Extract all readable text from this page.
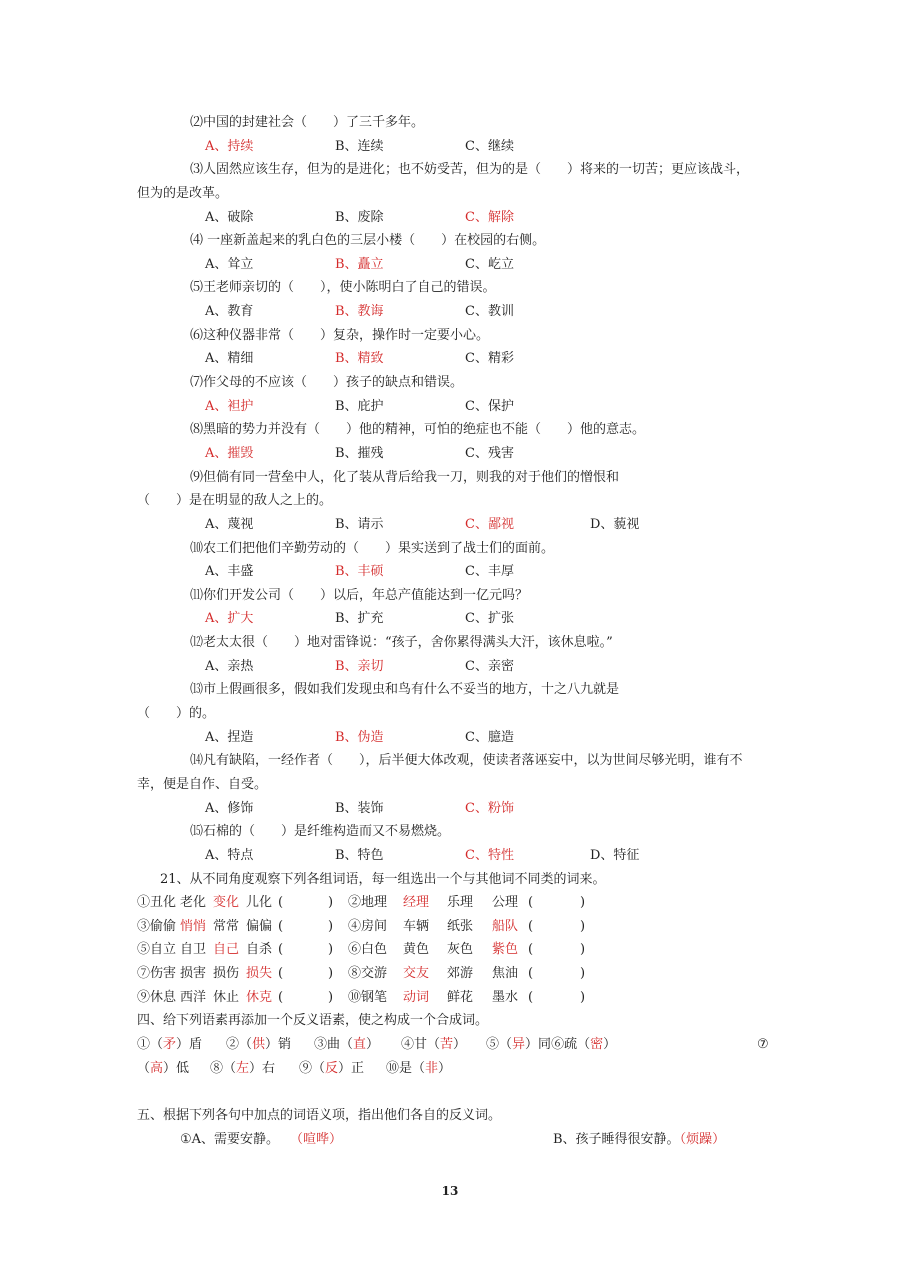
⑵中国的封建社会（　　）了三千多年。
A、持续	B、连续	C、继续
⑶人固然应该生存，但为的是进化；也不妨受苦，但为的是（　　）将来的一切苦；更应该战斗，
但为的是改革。
A、破除	B、废除	C、解除
⑷ 一座新盖起来的乳白色的三层小楼（　　）在校园的右侧。
A、耸立	B、矗立	C、屹立
⑸王老师亲切的（　　），使小陈明白了自己的错误。
A、教育	B、教诲	C、教训
⑹这种仪器非常（　　）复杂，操作时一定要小心。
A、精细	B、精致	C、精彩
⑺作父母的不应该（　　）孩子的缺点和错误。
A、袒护	B、庇护	C、保护
⑻黑暗的势力并没有（　　）他的精神，可怕的绝症也不能（　　）他的意志。
A、摧毁	B、摧残	C、残害
⑼但倘有同一营垒中人，化了装从背后给我一刀，则我的对于他们的憎恨和
（　　）是在明显的敌人之上的。
A、蔑视	B、请示	C、鄙视	D、藐视
⑽农工们把他们辛勤劳动的（　　）果实送到了战士们的面前。
A、丰盛	B、丰硕	C、丰厚
⑾你们开发公司（　　）以后，年总产值能达到一亿元吗？
A、扩大	B、扩充	C、扩张
⑿老太太很（　　）地对雷锋说：“孩子，舍你累得满头大汗，该休息啦。”
A、亲热	B、亲切	C、亲密
⒀市上假画很多，假如我们发现虫和鸟有什么不妥当的地方，十之八九就是
（　　）的。
A、捏造	B、伪造	C、臆造
⒁凡有缺陷，一经作者（　　），后半便大体改观，使读者落诬妄中，以为世间尽够光明，谁有不
幸，便是自作、自受。
A、修饰	B、装饰	C、粉饰
⒂石棉的（　　）是纤维构造而又不易燃烧。
A、特点	B、特色	C、特性	D、特征
21、从不同角度观察下列各组词语，每一组选出一个与其他词不同类的词来。
①丑化 老化 变化 儿化 (	) ②地理 经理 乐理 公理 (	)
③偷偷 悄悄 常常 偏偏 (	) ④房间 车辆 纸张 船队 (	)
⑤自立 自卫 自己 自杀 (	) ⑥白色 黄色 灰色 紫色 (	)
⑦伤害 损害 损伤 损失 (	) ⑧交游 交友 郊游 焦油 (	)
⑨休息 西洋 休止 休克 (	) ⑩钢笔 动词 鲜花 墨水 (	)
四、给下列语素再添加一个反义语素，使之构成一个合成词。
①（矛）盾 ②（供）销 ③曲（直） ④甘（苦） ⑤（异）同⑥疏（密）	⑦
（高）低 ⑧（左）右 ⑨（反）正 ⑩是（非）
五、根据下列各句中加点的词语义项，指出他们各自的反义词。
①A、需要安静。 （喧哗）	B、孩子睡得很安静。（烦躁）
13
